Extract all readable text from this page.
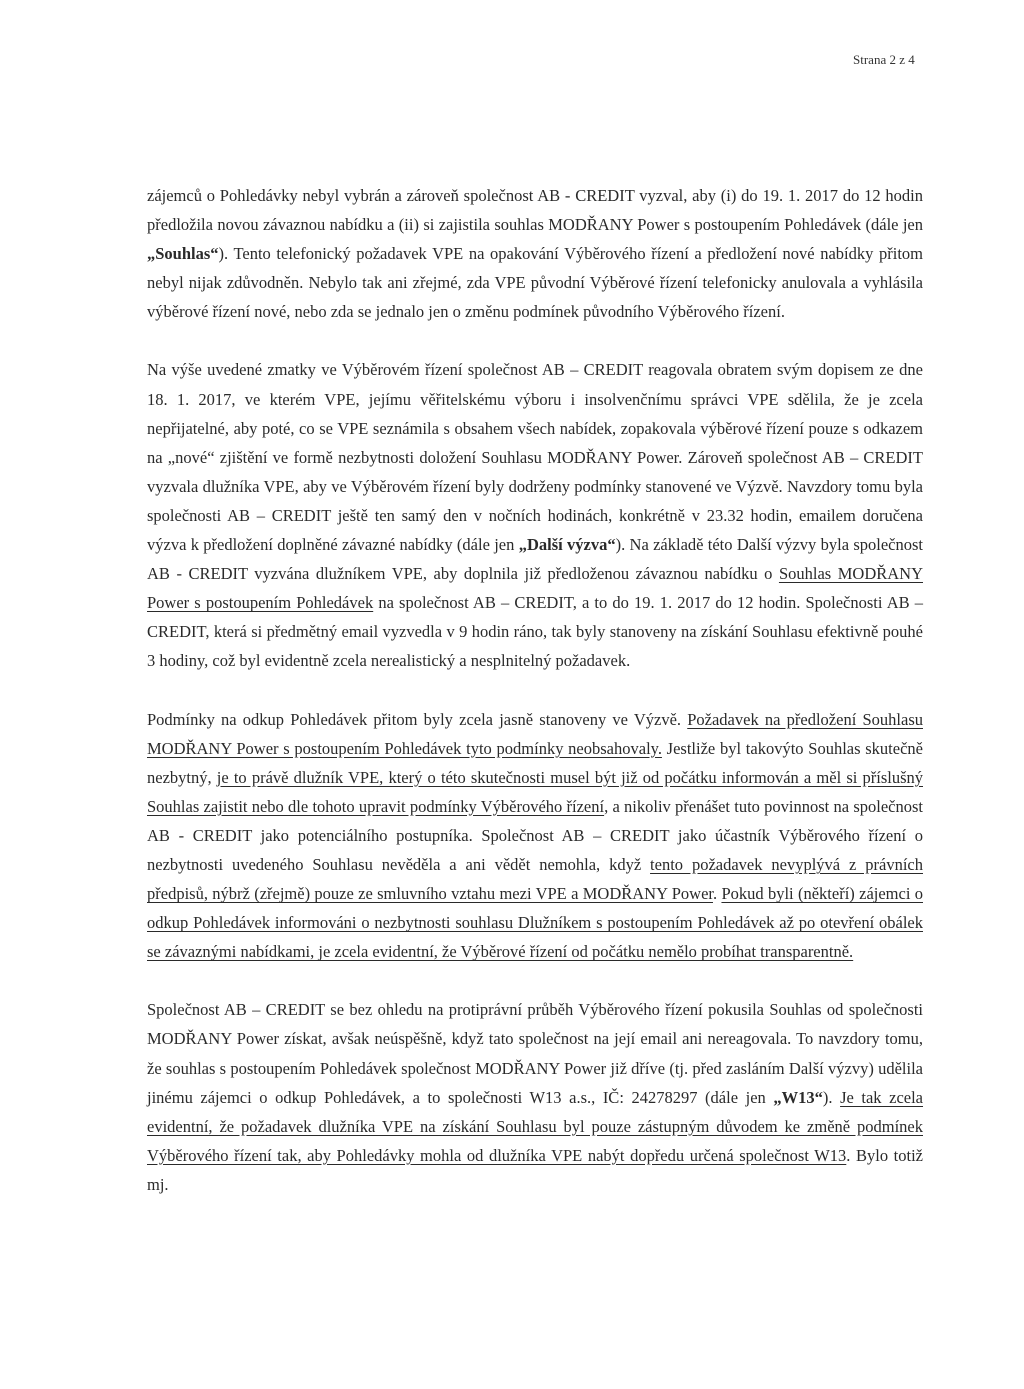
Strana 2 z 4

zájemců o Pohledávky nebyl vybrán a zároveň společnost AB - CREDIT vyzval, aby (i) do 19. 1. 2017 do 12 hodin předložila novou závaznou nabídku a (ii) si zajistila souhlas MODŘANY Power s postoupením Pohledávek (dále jen „Souhlas“). Tento telefonický požadavek VPE na opakování Výběrového řízení a předložení nové nabídky přitom nebyl nijak zdůvodněn. Nebylo tak ani zřejmé, zda VPE původní Výběrové řízení telefonicky anulovala a vyhlásila výběrové řízení nové, nebo zda se jednalo jen o změnu podmínek původního Výběrového řízení.

Na výše uvedené zmatky ve Výběrovém řízení společnost AB – CREDIT reagovala obratem svým dopisem ze dne 18. 1. 2017, ve kterém VPE, jejímu věřitelskému výboru i insolvenčnímu správci VPE sdělila, že je zcela nepřijatelné, aby poté, co se VPE seznámila s obsahem všech nabídek, zopakovala výběrové řízení pouze s odkazem na „nové“ zjištění ve formě nezbytnosti doložení Souhlasu MODŘANY Power. Zároveň společnost AB – CREDIT vyzvala dlužníka VPE, aby ve Výběrovém řízení byly dodrženy podmínky stanovené ve Výzvě. Navzdory tomu byla společnosti AB – CREDIT ještě ten samý den v nočních hodinách, konkrétně v 23.32 hodin, emailem doručena výzva k předložení doplněné závazné nabídky (dále jen „Další výzva“). Na základě této Další výzvy byla společnost AB - CREDIT vyzvána dlužníkem VPE, aby doplnila již předloženou závaznou nabídku o Souhlas MODŘANY Power s postoupením Pohledávek na společnost AB – CREDIT, a to do 19. 1. 2017 do 12 hodin. Společnosti AB – CREDIT, která si předmětný email vyzvedla v 9 hodin ráno, tak byly stanoveny na získání Souhlasu efektivně pouhé 3 hodiny, což byl evidentně zcela nerealistický a nesplnitelný požadavek.

Podmínky na odkup Pohledávek přitom byly zcela jasně stanoveny ve Výzvě. Požadavek na předložení Souhlasu MODŘANY Power s postoupením Pohledávek tyto podmínky neobsahovaly. Jestliže byl takovýto Souhlas skutečně nezbytný, je to právě dlužník VPE, který o této skutečnosti musel být již od počátku informován a měl si příslušný Souhlas zajistit nebo dle tohoto upravit podmínky Výběrového řízení, a nikoliv přenášet tuto povinnost na společnost AB - CREDIT jako potenciálního postupníka. Společnost AB – CREDIT jako účastník Výběrového řízení o nezbytnosti uvedeného Souhlasu nevěděla a ani vědět nemohla, když tento požadavek nevyplývá z právních předpisů, nýbrž (zřejmě) pouze ze smluvního vztahu mezi VPE a MODŘANY Power. Pokud byli (někteří) zájemci o odkup Pohledávek informováni o nezbytnosti souhlasu Dlužníkem s postoupením Pohledávek až po otevření obálek se závaznými nabídkami, je zcela evidentní, že Výběrové řízení od počátku nemělo probíhat transparentně.

Společnost AB – CREDIT se bez ohledu na protiprávní průběh Výběrového řízení pokusila Souhlas od společnosti MODŘANY Power získat, avšak neúspěšně, když tato společnost na její email ani nereagovala. To navzdory tomu, že souhlas s postoupením Pohledávek společnost MODŘANY Power již dříve (tj. před zasláním Další výzvy) udělila jinému zájemci o odkup Pohledávek, a to společnosti W13 a.s., IČ: 24278297 (dále jen „W13“). Je tak zcela evidentní, že požadavek dlužníka VPE na získání Souhlasu byl pouze zástupným důvodem ke změně podmínek Výběrového řízení tak, aby Pohledávky mohla od dlužníka VPE nabýt dopředu určená společnost W13. Bylo totiž mj.
